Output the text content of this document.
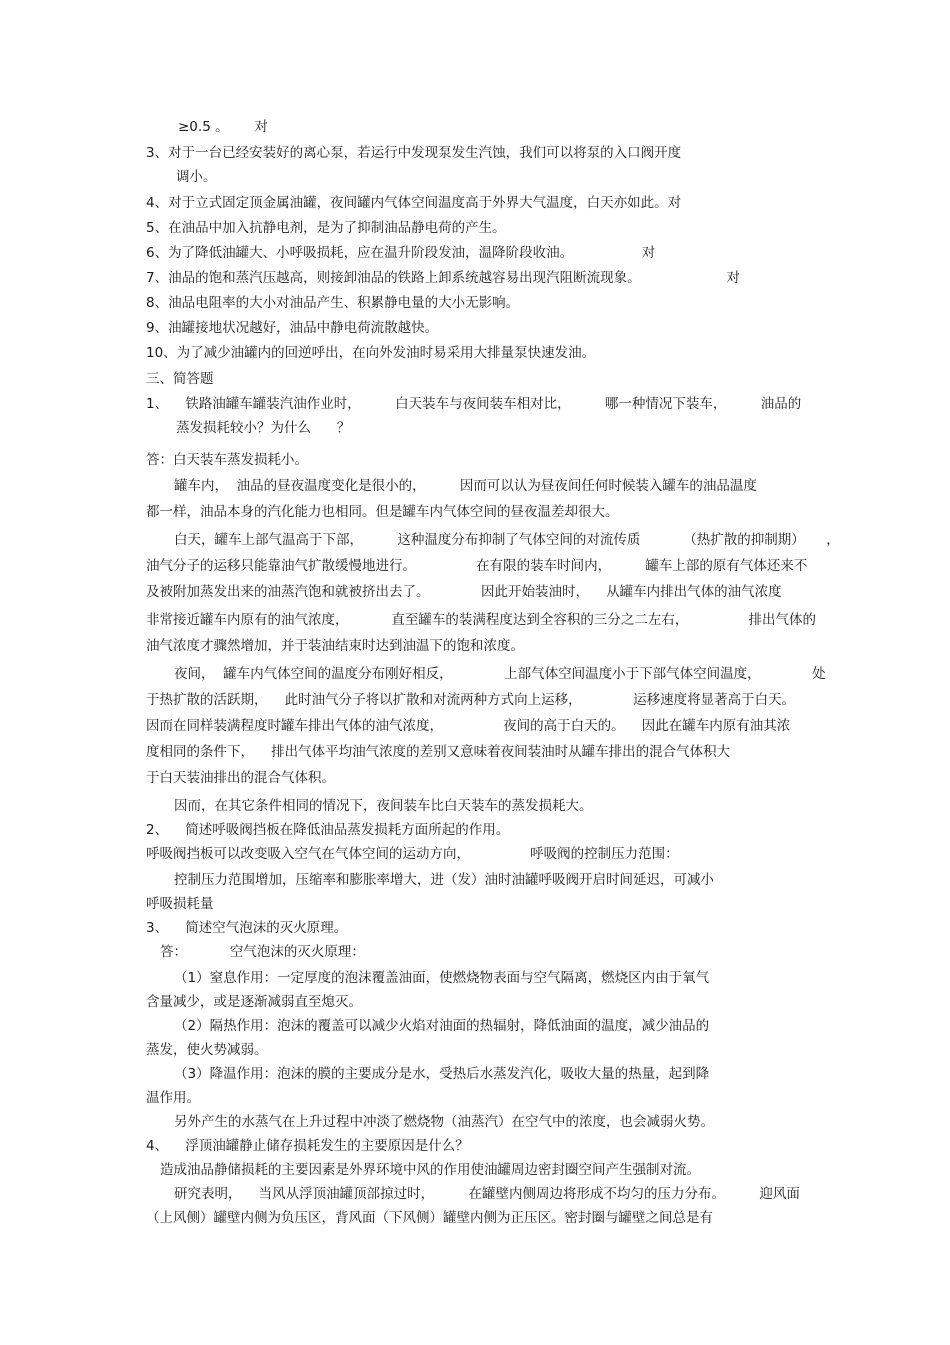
≥0.5 。      对
3、对于一台已经安装好的离心泵，若运行中发现泵发生汽蚀，我们可以将泵的入口阀开度
调小。
4、对于立式固定顶金属油罐，夜间罐内气体空间温度高于外界大气温度，白天亦如此。对
5、在油品中加入抗静电剂，是为了抑制油品静电荷的产生。
6、为了降低油罐大、小呼吸损耗，应在温升阶段发油，温降阶段收油。                对
7、油品的饱和蒸汽压越高，则接卸油品的铁路上卸系统越容易出现汽阻断流现象。                    对
8、油品电阻率的大小对油品产生、积累静电量的大小无影响。
9、油罐接地状况越好，油品中静电荷流散越快。
10、为了减少油罐内的回逆呼出，在向外发油时易采用大排量泵快速发油。
三、简答题
1、    铁路油罐车罐装汽油作业时，        白天装车与夜间装车相对比，        哪一种情况下装车，        油品的
蒸发损耗较小？为什么      ？
答：白天装车蒸发损耗小。
罐车内，  油品的昼夜温度变化是很小的，        因而可以认为昼夜间任何时候装入罐车的油品温度
都一样，油品本身的汽化能力也相同。但是罐车内气体空间的昼夜温差却很大。
白天，罐车上部气温高于下部，        这种温度分布抑制了气体空间的对流传质          （热扩散的抑制期）     ，
油气分子的运移只能靠油气扩散缓慢地进行。              在有限的装车时间内，        罐车上部的原有气体还来不
及被附加蒸发出来的油蒸汽饱和就被挤出去了。            因此开始装油时，    从罐车内排出气体的油气浓度
非常接近罐车内原有的油气浓度，          直至罐车的装满程度达到全容积的三分之二左右，              排出气体的
油气浓度才骤然增加，并于装油结束时达到油温下的饱和浓度。
夜间，  罐车内气体空间的温度分布刚好相反，            上部气体空间温度小于下部气体空间温度，            处
于热扩散的活跃期，    此时油气分子将以扩散和对流两种方式向上运移，            运移速度将显著高于白天。
因而在同样装满程度时罐车排出气体的油气浓度，              夜间的高于白天的。    因此在罐车内原有油其浓
度相同的条件下，    排出气体平均油气浓度的差别又意味着夜间装油时从罐车排出的混合气体积大
于白天装油排出的混合气体积。
因而，在其它条件相同的情况下，夜间装车比白天装车的蒸发损耗大。
2、    简述呼吸阀挡板在降低油品蒸发损耗方面所起的作用。
呼吸阀挡板可以改变吸入空气在气体空间的运动方向，              呼吸阀的控制压力范围：
控制压力范围增加，压缩率和膨胀率增大，进（发）油时油罐呼吸阀开启时间延迟，可减小
呼吸损耗量
3、    简述空气泡沫的灭火原理。
答：          空气泡沫的灭火原理：
（1）窒息作用：一定厚度的泡沫覆盖油面，使燃烧物表面与空气隔离，燃烧区内由于氧气
含量减少，或是逐渐减弱直至熄灭。
（2）隔热作用：泡沫的覆盖可以减少火焰对油面的热辐射，降低油面的温度，减少油品的
蒸发，使火势减弱。
（3）降温作用：泡沫的膜的主要成分是水，受热后水蒸发汽化，吸收大量的热量，起到降
温作用。
另外产生的水蒸气在上升过程中冲淡了燃烧物（油蒸汽）在空气中的浓度，也会减弱火势。
4、    浮顶油罐静止储存损耗发生的主要原因是什么？
造成油品静储损耗的主要因素是外界环境中风的作用使油罐周边密封圈空间产生强制对流。
研究表明，    当风从浮顶油罐顶部掠过时，        在罐壁内侧周边将形成不均匀的压力分布。        迎风面
（上风侧）罐壁内侧为负压区，背风面（下风侧）罐壁内侧为正压区。密封圈与罐壁之间总是有
